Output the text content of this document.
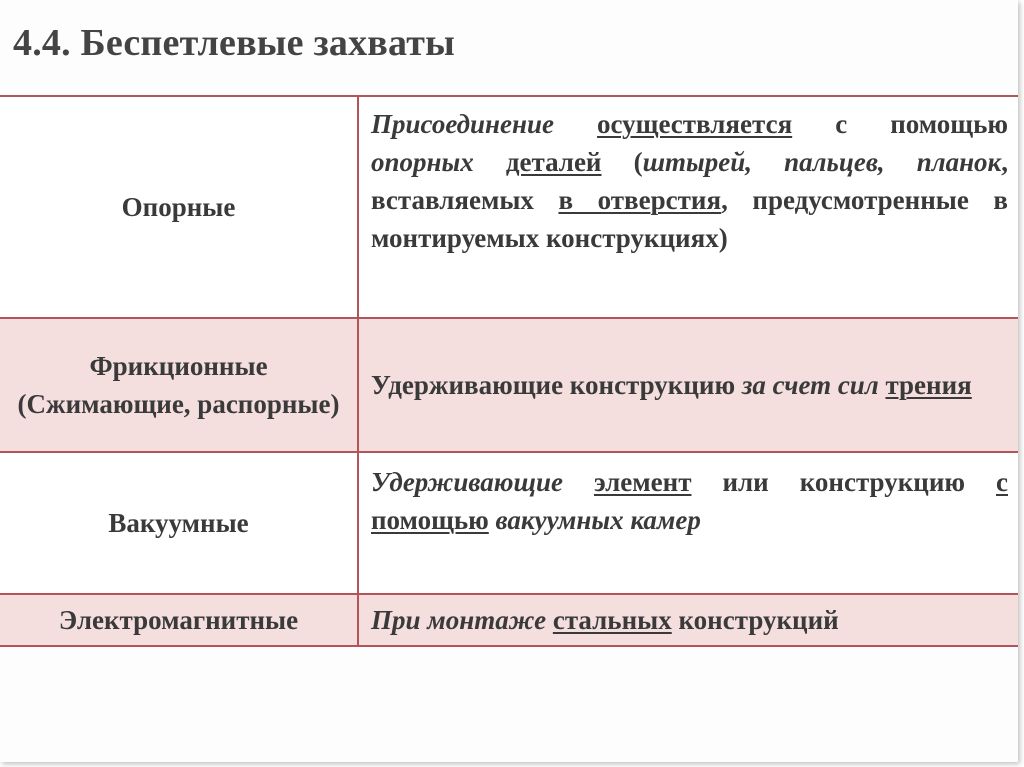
4.4. Беспетлевые захваты
Опорные	Присоединение осуществляется с помощью опорных деталей (штырей, пальцев, планок, вставляемых в отверстия, предусмотренные в монтируемых конструкциях)

Фрикционные (Сжимающие, распорные)	Удерживающие конструкцию за счет сил трения

Вакуумные	Удерживающие элемент или конструкцию с помощью вакуумных камер

Электромагнитные	При монтаже стальных конструкций
